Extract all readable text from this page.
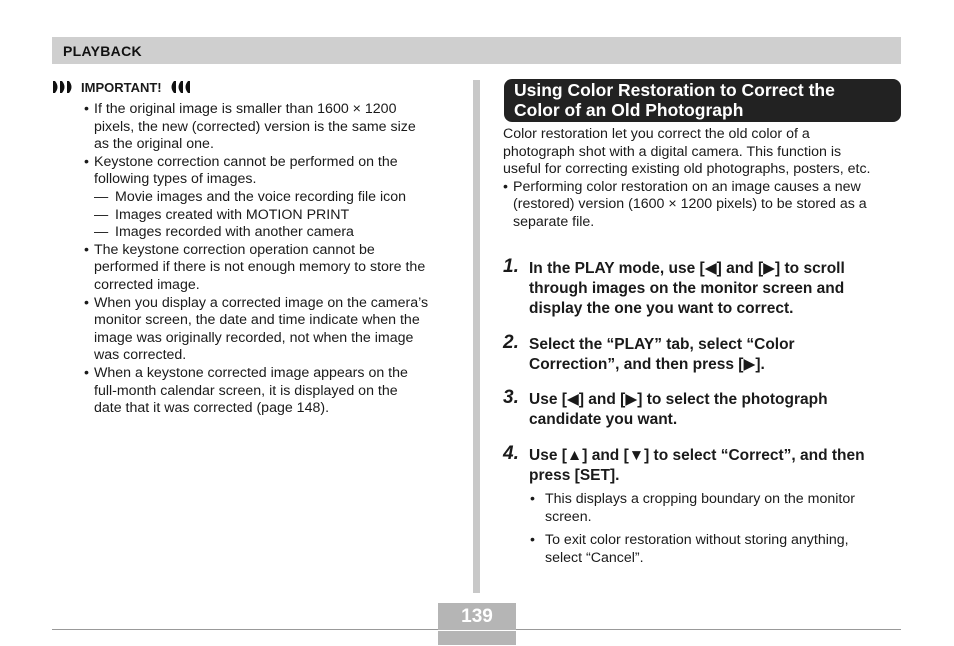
PLAYBACK
IMPORTANT!
• If the original image is smaller than 1600 × 1200
pixels, the new (corrected) version is the same size
as the original one.
• Keystone correction cannot be performed on the
following types of images.
— Movie images and the voice recording file icon
— Images created with MOTION PRINT
— Images recorded with another camera
• The keystone correction operation cannot be
performed if there is not enough memory to store the
corrected image.
• When you display a corrected image on the camera’s
monitor screen, the date and time indicate when the
image was originally recorded, not when the image
was corrected.
• When a keystone corrected image appears on the
full-month calendar screen, it is displayed on the
date that it was corrected (page 148).
Using Color Restoration to Correct the
Color of an Old Photograph

Color restoration let you correct the old color of a
photograph shot with a digital camera. This function is
useful for correcting existing old photographs, posters, etc.

• Performing color restoration on an image causes a new
(restored) version (1600 × 1200 pixels) to be stored as a
separate file.

1. In the PLAY mode, use [◀] and [▶] to scroll
through images on the monitor screen and
display the one you want to correct.
2. Select the “PLAY” tab, select “Color
Correction”, and then press [▶].
3. Use [◀] and [▶] to select the photograph
candidate you want.
4. Use [▲] and [▼] to select “Correct”, and then
press [SET].
• This displays a cropping boundary on the monitor
screen.
• To exit color restoration without storing anything,
select “Cancel”.
139
